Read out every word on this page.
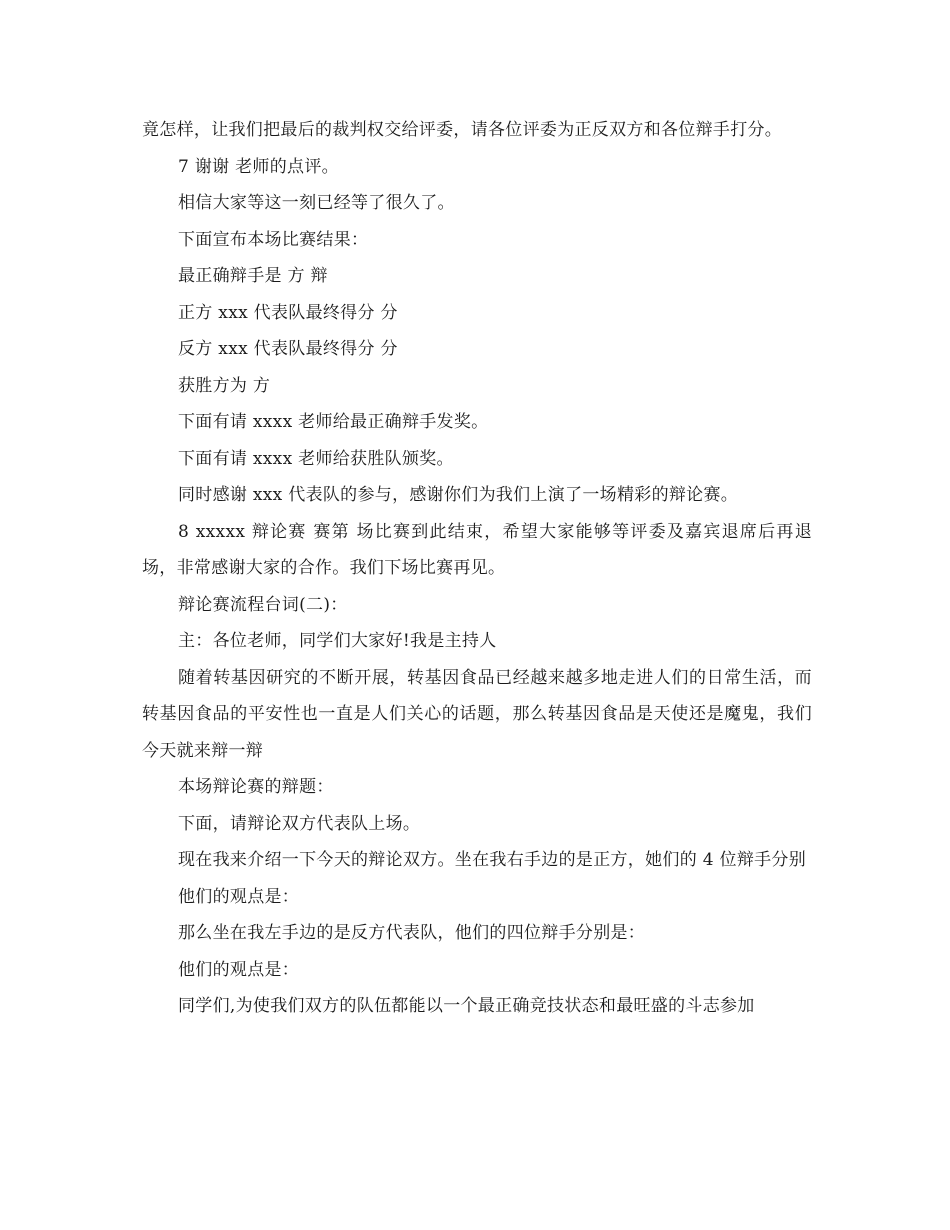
竟怎样，让我们把最后的裁判权交给评委，请各位评委为正反双方和各位辩手打分。

7 谢谢 老师的点评。

相信大家等这一刻已经等了很久了。

下面宣布本场比赛结果：

最正确辩手是 方 辩

正方 xxx 代表队最终得分 分

反方 xxx 代表队最终得分 分

获胜方为 方

下面有请 xxxx 老师给最正确辩手发奖。

下面有请 xxxx 老师给获胜队颁奖。

同时感谢 xxx 代表队的参与，感谢你们为我们上演了一场精彩的辩论赛。

8 xxxxx 辩论赛 赛第 场比赛到此结束，希望大家能够等评委及嘉宾退席后再退场，非常感谢大家的合作。我们下场比赛再见。

辩论赛流程台词(二)：

主：各位老师，同学们大家好!我是主持人

随着转基因研究的不断开展，转基因食品已经越来越多地走进人们的日常生活，而转基因食品的平安性也一直是人们关心的话题，那么转基因食品是天使还是魔鬼，我们今天就来辩一辩

本场辩论赛的辩题：

下面，请辩论双方代表队上场。

现在我来介绍一下今天的辩论双方。坐在我右手边的是正方，她们的 4 位辩手分别

他们的观点是：

那么坐在我左手边的是反方代表队，他们的四位辩手分别是：

他们的观点是：

同学们,为使我们双方的队伍都能以一个最正确竞技状态和最旺盛的斗志参加
